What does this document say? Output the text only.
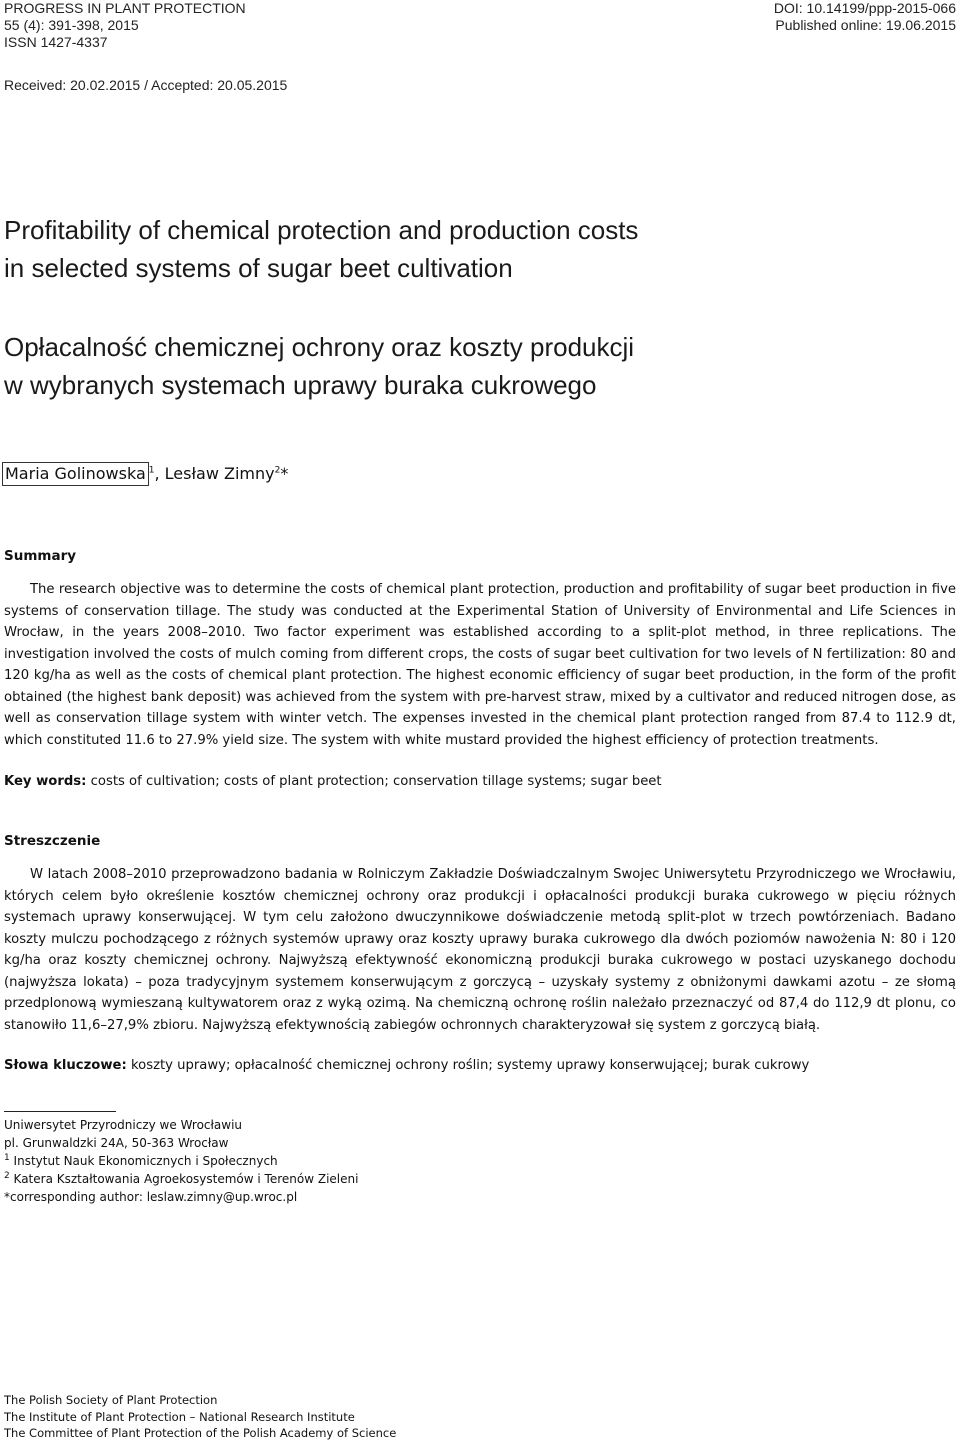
PROGRESS IN PLANT PROTECTION
55 (4): 391-398, 2015
ISSN 1427-4337
DOI: 10.14199/ppp-2015-066
Published online: 19.06.2015
Received: 20.02.2015 / Accepted: 20.05.2015
Profitability of chemical protection and production costs
in selected systems of sugar beet cultivation
Opłacalność chemicznej ochrony oraz koszty produkcji
w wybranych systemach uprawy buraka cukrowego
Maria Golinowska $^1$, Lesław Zimny$^2$*
Summary

The research objective was to determine the costs of chemical plant protection, production and profitability of sugar beet production in five systems of conservation tillage. The study was conducted at the Experimental Station of University of Environmental and Life Sciences in Wrocław, in the years 2008–2010. Two factor experiment was established according to a split-plot method, in three replications. The investigation involved the costs of mulch coming from different crops, the costs of sugar beet cultivation for two levels of N fertilization: 80 and 120 kg/ha as well as the costs of chemical plant protection. The highest economic efficiency of sugar beet production, in the form of the profit obtained (the highest bank deposit) was achieved from the system with pre-harvest straw, mixed by a cultivator and reduced nitrogen dose, as well as conservation tillage system with winter vetch. The expenses invested in the chemical plant protection ranged from 87.4 to 112.9 dt, which constituted 11.6 to 27.9% yield size. The system with white mustard provided the highest efficiency of protection treatments.

Key words: costs of cultivation; costs of plant protection; conservation tillage systems; sugar beet
Streszczenie

W latach 2008–2010 przeprowadzono badania w Rolniczym Zakładzie Doświadczalnym Swojec Uniwersytetu Przyrodniczego we Wrocławiu, których celem było określenie kosztów chemicznej ochrony oraz produkcji i opłacalności produkcji buraka cukrowego w pięciu różnych systemach uprawy konserwującej. W tym celu założono dwuczynnikowe doświadczenie metodą split-plot w trzech powtórzeniach. Badano koszty mulczu pochodzącego z różnych systemów uprawy oraz koszty uprawy buraka cukrowego dla dwóch poziomów nawożenia N: 80 i 120 kg/ha oraz koszty chemicznej ochrony. Najwyższą efektywność ekonomiczną produkcji buraka cukrowego w postaci uzyskanego dochodu (najwyższa lokata) – poza tradycyjnym systemem konserwującym z gorczycą – uzyskały systemy z obniżonymi dawkami azotu – ze słomą przedplonową wymieszaną kultywatorem oraz z wyką ozimą. Na chemiczną ochronę roślin należało przeznaczyć od 87,4 do 112,9 dt plonu, co stanowiło 11,6–27,9% zbioru. Najwyższą efektywnością zabiegów ochronnych charakteryzował się system z gorczycą białą.

Słowa kluczowe: koszty uprawy; opłacalność chemicznej ochrony roślin; systemy uprawy konserwującej; burak cukrowy
Uniwersytet Przyrodniczy we Wrocławiu
pl. Grunwaldzki 24A, 50-363 Wrocław
$^1$ Instytut Nauk Ekonomicznych i Społecznych
$^2$ Katera Kształtowania Agroekosystemów i Terenów Zieleni
*corresponding author: leslaw.zimny@up.wroc.pl
The Polish Society of Plant Protection
The Institute of Plant Protection – National Research Institute
The Committee of Plant Protection of the Polish Academy of Science
